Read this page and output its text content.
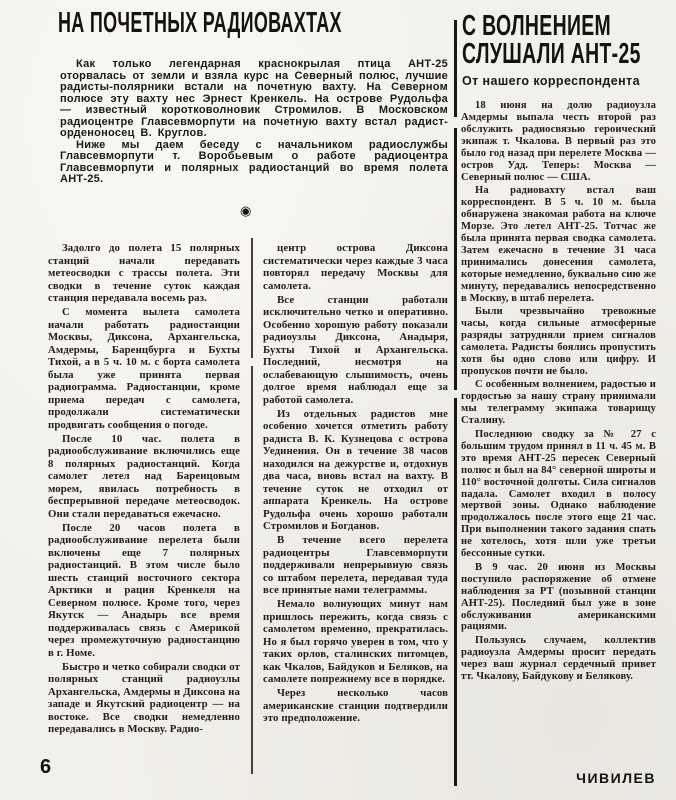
НА ПОЧЕТНЫХ РАДИОВАХТАХ

Как только легендарная краснокрылая птица АНТ-25 оторвалась от земли и взяла курс на Северный полюс, лучшие радисты-полярники встали на почетную вахту. На Северном полюсе эту вахту нес Эрнест Кренкель. На острове Рудольфа — известный коротковолновик Стромилов. В Московском радиоцентре Главсевморпути на почетную вахту встал радист-орденоносец В. Круглов.

Ниже мы даем беседу с начальником радиослужбы Главсевморпути т. Воробьевым о работе радиоцентра Главсевморпути и полярных радиостанций во время полета АНТ-25.

◉

Задолго до полета 15 полярных станций начали передавать метеосводки с трассы полета. Эти сводки в течение суток каждая станция передавала восемь раз.

С момента вылета самолета начали работать радиостанции Москвы, Диксона, Архангельска, Амдермы, Баренцбурга и Бухты Тихой, а в 5 ч. 10 м. с борта самолета была уже принята первая радиограмма. Радиостанции, кроме приема передач с самолета, продолжали систематически продвигать сообщения о погоде.

После 10 час. полета в радиообслуживание включились еще 8 полярных радиостанций. Когда самолет летел над Баренцовым морем, явилась потребность в беспрерывной передаче метеосводок. Они стали передаваться ежечасно.

После 20 часов полета в радиообслуживание перелета были включены еще 7 полярных радиостанций. В этом числе было шесть станций восточного сектора Арктики и рация Кренкеля на Северном полюсе. Кроме того, через Якутск — Анадырь все время поддерживалась связь с Америкой через промежуточную радиостанцию в г. Номе.

Быстро и четко собирали сводки от полярных станций радиоузлы Архангельска, Амдермы и Диксона на западе и Якутский радиоцентр — на востоке. Все сводки немедленно передавались в Москву. Радио-

центр острова Диксона систематически через каждые 3 часа повторял передачу Москвы для самолета.

Все станции работали исключительно четко и оперативно. Особенно хорошую работу показали радиоузлы Диксона, Анадыря, Бухты Тихой и Архангельска. Последний, несмотря на ослабевающую слышимость, очень долгое время наблюдал еще за работой самолета.

Из отдельных радистов мне особенно хочется отметить работу радиста В. К. Кузнецова с острова Уединения. Он в течение 38 часов находился на дежурстве и, отдохнув два часа, вновь встал на вахту. В течение суток не отходил от аппарата Кренкель. На острове Рудольфа очень хорошо работали Стромилов и Богданов.

В течение всего перелета радиоцентры Главсевморпути поддерживали непрерывную связь со штабом перелета, передавая туда все принятые нами телеграммы.

Немало волнующих минут нам пришлось пережить, когда связь с самолетом временно, прекратилась. Но я был горячо уверен в том, что у таких орлов, сталинских питомцев, как Чкалов, Байдуков и Беляков, на самолете попрежнему все в порядке.

Через несколько часов американские станции подтвердили это предположение.

С ВОЛНЕНИЕМ
СЛУШАЛИ АНТ-25
От нашего корреспондента

18 июня на долю радиоузла Амдермы выпала честь второй раз обслужить радиосвязью героический экипаж т. Чкалова. В первый раз это было год назад при перелете Москва — остров Удд. Теперь: Москва — Северный полюс — США.

На радиовахту встал ваш корреспондент. В 5 ч. 10 м. была обнаружена знакомая работа на ключе Морзе. Это летел АНТ-25. Тотчас же была принята первая сводка самолета. Затем ежечасно в течение 31 часа принимались донесения самолета, которые немедленно, буквально сию же минуту, передавались непосредственно в Москву, в штаб перелета.

Были чрезвычайно тревожные часы, когда сильные атмосферные разряды затрудняли прием сигналов самолета. Радисты боялись пропустить хотя бы одно слово или цифру. И пропусков почти не было.

С особенным волнением, радостью и гордостью за нашу страну принимали мы телеграмму экипажа товарищу Сталину.

Последнюю сводку за № 27 с большим трудом принял в 11 ч. 45 м. В это время АНТ-25 пересек Северный полюс и был на 84° северной широты и 110° восточной долготы. Сила сигналов падала. Самолет входил в полосу мертвой зоны. Однако наблюдение продолжалось после этого еще 21 час. При выполнении такого задания спать не хотелось, хотя шли уже третьи бессонные сутки.

В 9 час. 20 июня из Москвы поступило распоряжение об отмене наблюдения за РТ (позывной станции АНТ-25). Последний был уже в зоне обслуживания американскими рациями.

Пользуясь случаем, коллектив радиоузла Амдермы просит передать через ваш журнал сердечный привет тт. Чкалову, Байдукову и Белякову.

ЧИВИЛЕВ
6
